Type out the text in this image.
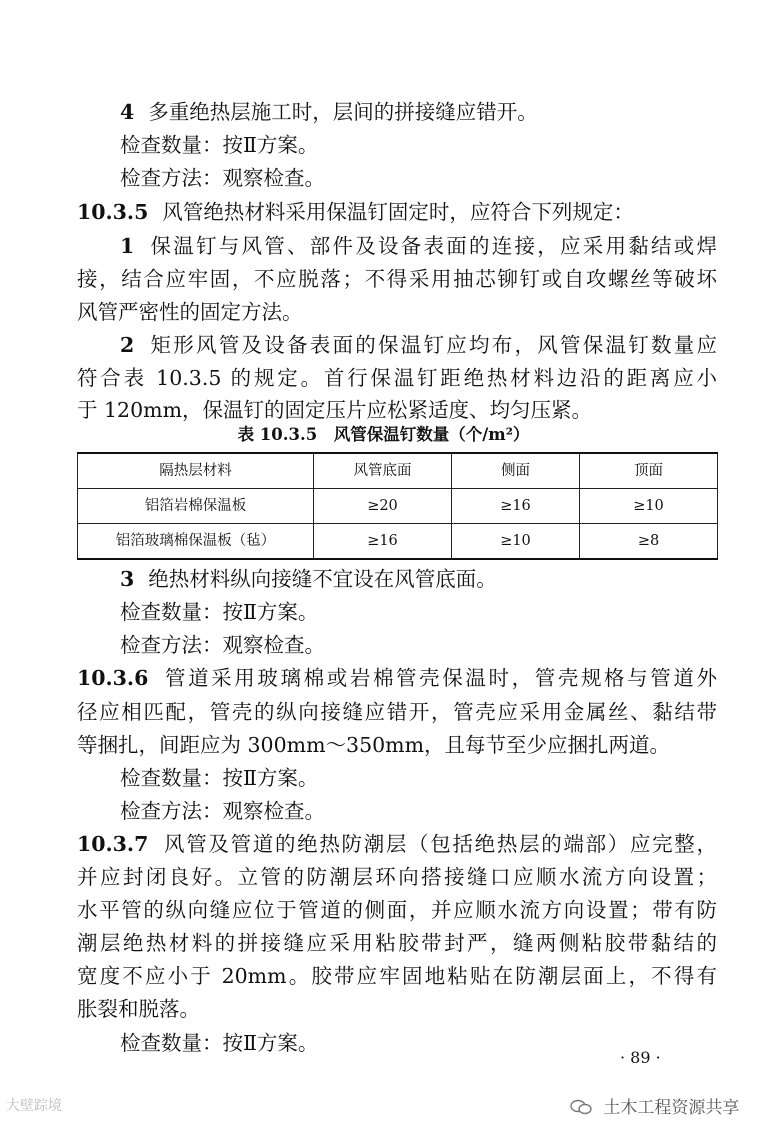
4 多重绝热层施工时，层间的拼接缝应错开。
检查数量：按Ⅱ方案。
检查方法：观察检查。
10.3.5 风管绝热材料采用保温钉固定时，应符合下列规定：
1 保温钉与风管、部件及设备表面的连接，应采用黏结或焊
接，结合应牢固，不应脱落；不得采用抽芯铆钉或自攻螺丝等破坏
风管严密性的固定方法。
2 矩形风管及设备表面的保温钉应均布，风管保温钉数量应
符合表 10.3.5 的规定。首行保温钉距绝热材料边沿的距离应小
于 120mm，保温钉的固定压片应松紧适度、均匀压紧。
表 10.3.5　风管保温钉数量（个/m²）
隔热层材料	风管底面	侧面	顶面
铝箔岩棉保温板	≥20	≥16	≥10
铝箔玻璃棉保温板（毡）	≥16	≥10	≥8
3 绝热材料纵向接缝不宜设在风管底面。
检查数量：按Ⅱ方案。
检查方法：观察检查。
10.3.6 管道采用玻璃棉或岩棉管壳保温时，管壳规格与管道外
径应相匹配，管壳的纵向接缝应错开，管壳应采用金属丝、黏结带
等捆扎，间距应为 300mm～350mm，且每节至少应捆扎两道。
检查数量：按Ⅱ方案。
检查方法：观察检查。
10.3.7 风管及管道的绝热防潮层（包括绝热层的端部）应完整，
并应封闭良好。立管的防潮层环向搭接缝口应顺水流方向设置；
水平管的纵向缝应位于管道的侧面，并应顺水流方向设置；带有防
潮层绝热材料的拼接缝应采用粘胶带封严，缝两侧粘胶带黏结的
宽度不应小于 20mm。胶带应牢固地粘贴在防潮层面上，不得有
胀裂和脱落。
检查数量：按Ⅱ方案。
· 89 ·
土木工程资源共享
大壁踪境
